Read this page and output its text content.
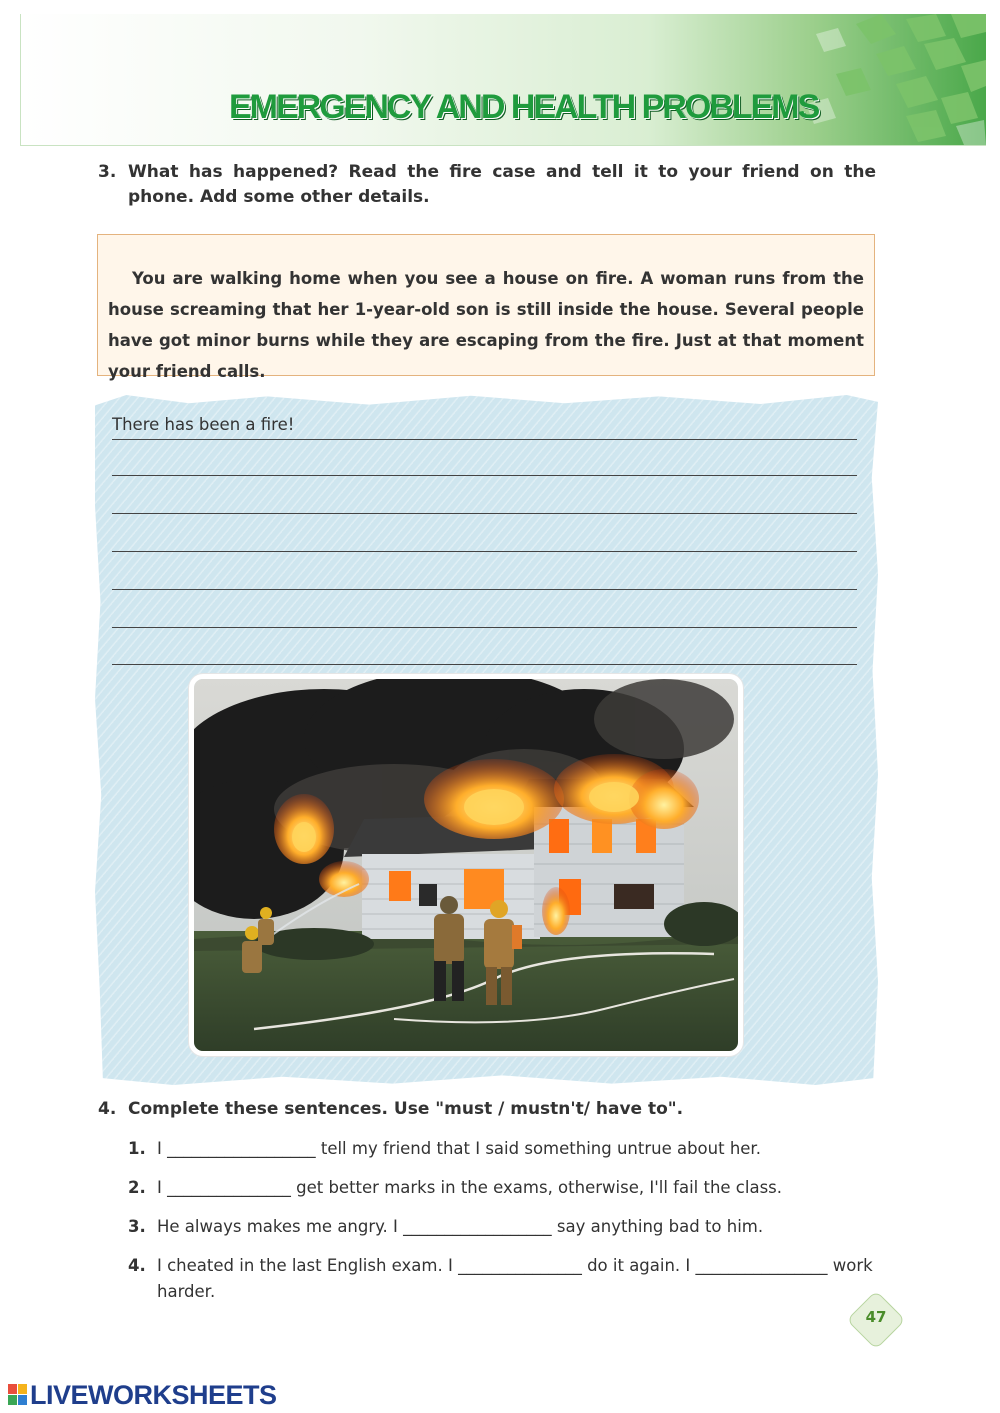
EMERGENCY AND HEALTH PROBLEMS
3. What has happened? Read the fire case and tell it to your friend on the phone. Add some other details.

You are walking home when you see a house on fire. A woman runs from the house screaming that her 1-year-old son is still inside the house. Several people have got minor burns while they are escaping from the fire. Just at that moment your friend calls.

There has been a fire!
4. Complete these sentences. Use "must / mustn't/ have to".
1. I __________________ tell my friend that I said something untrue about her.
2. I _______________ get better marks in the exams, otherwise, I'll fail the class.
3. He always makes me angry. I __________________ say anything bad to him.
4. I cheated in the last English exam. I _______________ do it again. I ________________ work harder.
47
LIVEWORKSHEETS
